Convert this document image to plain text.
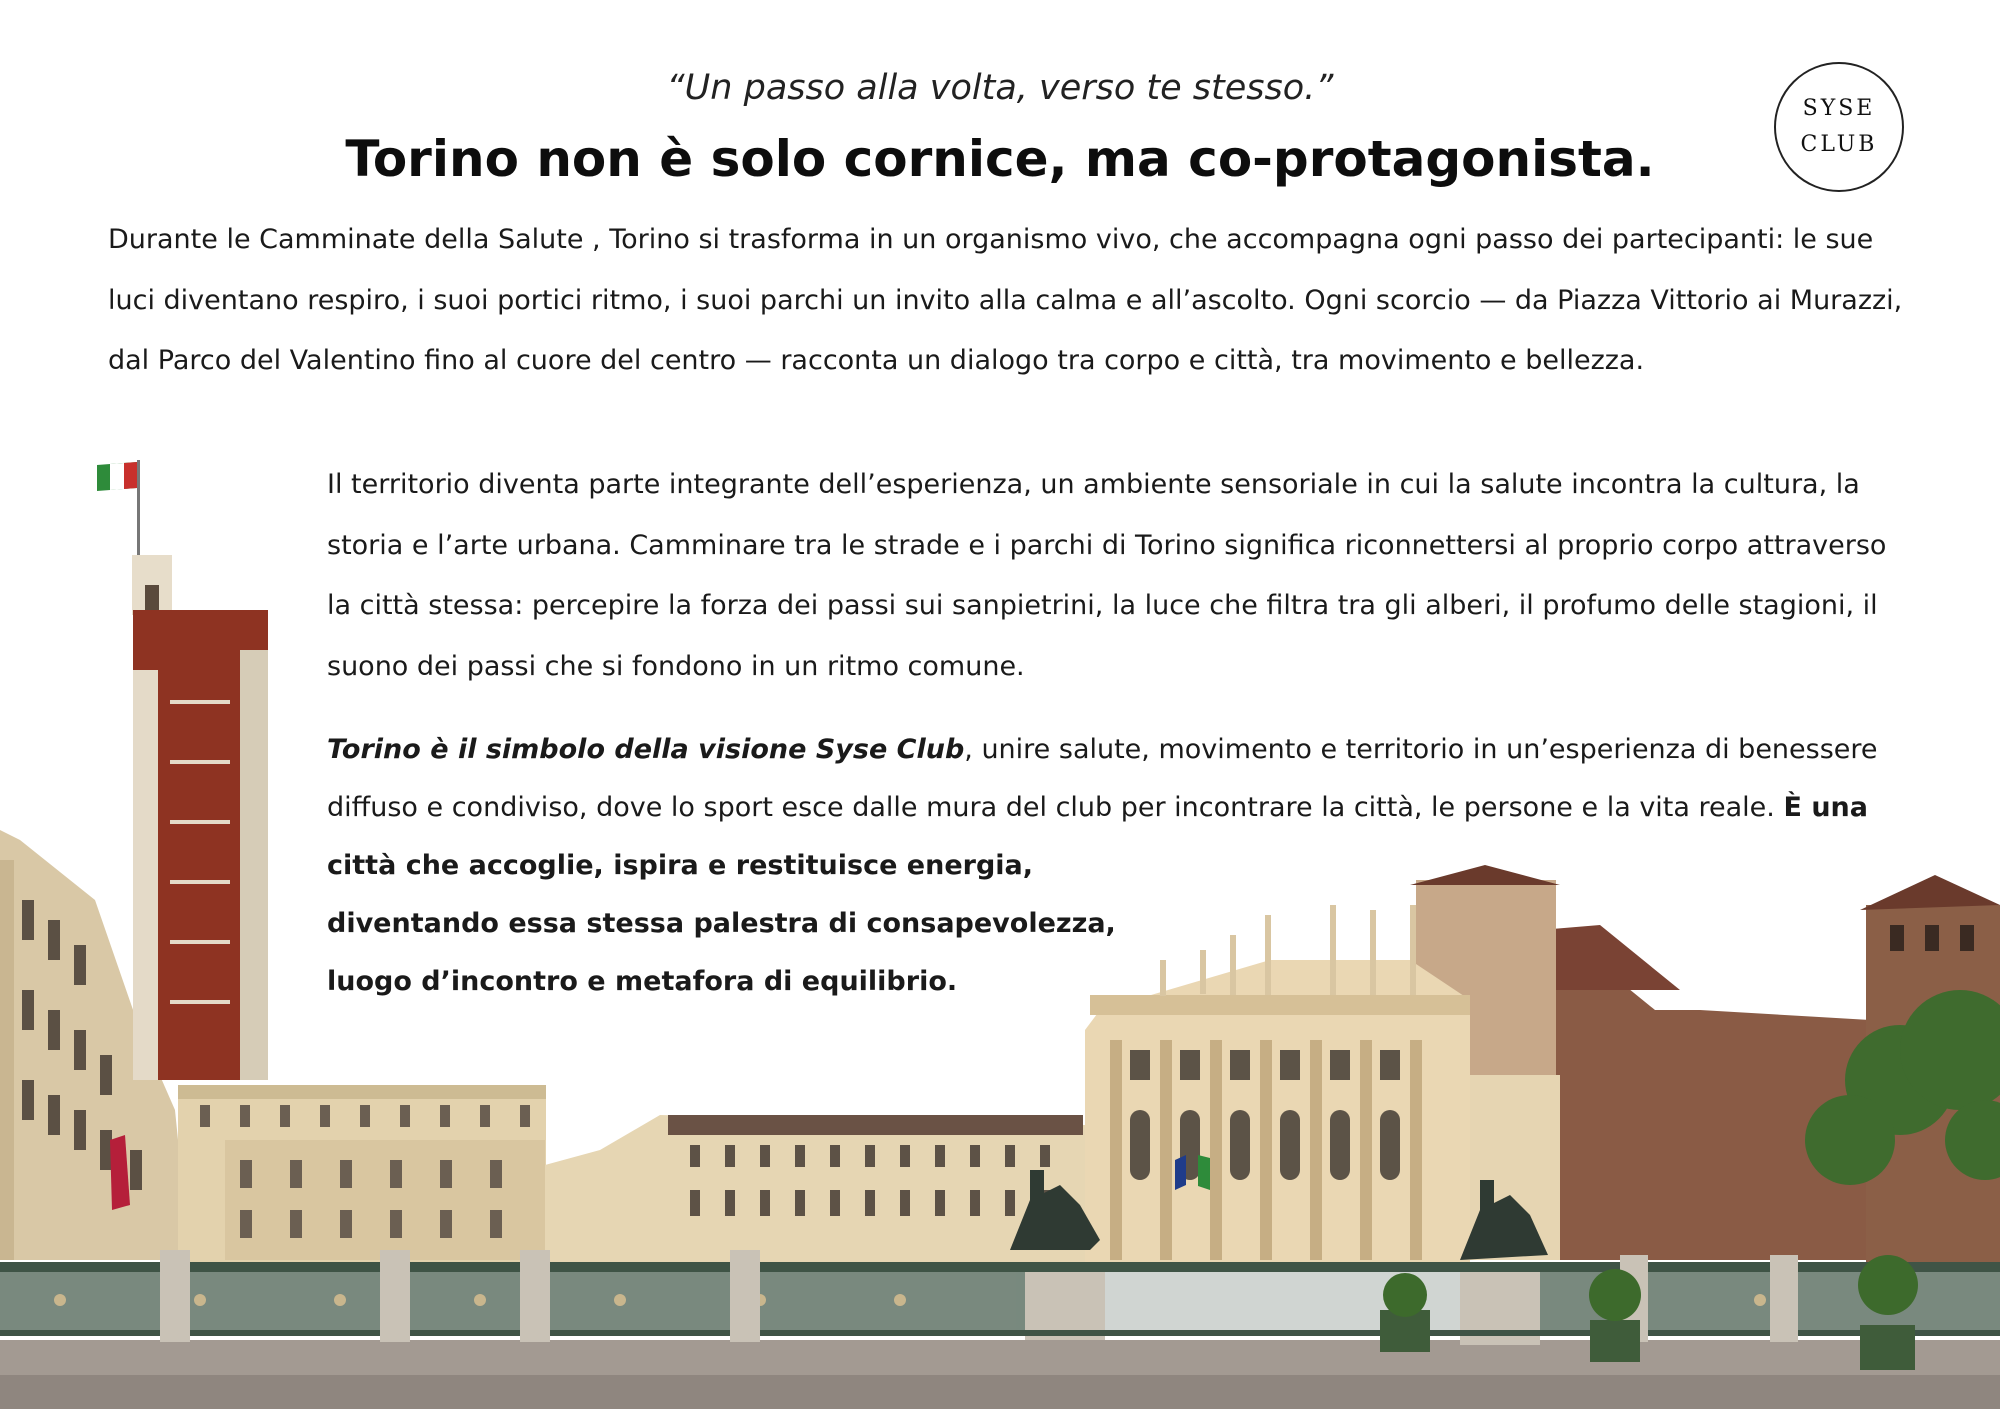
“Un passo alla volta, verso te stesso.”
Torino non è solo cornice, ma co-protagonista.
SYSE
CLUB

Durante le Camminate della Salute , Torino si trasforma in un organismo vivo, che accompagna ogni passo dei partecipanti: le sue luci diventano respiro, i suoi portici ritmo, i suoi parchi un invito alla calma e all’ascolto. Ogni scorcio — da Piazza Vittorio ai Murazzi, dal Parco del Valentino fino al cuore del centro — racconta un dialogo tra corpo e città, tra movimento e bellezza.

Il territorio diventa parte integrante dell’esperienza, un ambiente sensoriale in cui la salute incontra la cultura, la storia e l’arte urbana. Camminare tra le strade e i parchi di Torino significa riconnettersi al proprio corpo attraverso la città stessa: percepire la forza dei passi sui sanpietrini, la luce che filtra tra gli alberi, il profumo delle stagioni, il suono dei passi che si fondono in un ritmo comune.

Torino è il simbolo della visione Syse Club, unire salute, movimento e territorio in un’esperienza di benessere diffuso e condiviso, dove lo sport esce dalle mura del club per incontrare la città, le persone e la vita reale. È una città che accoglie, ispira e restituisce energia,
diventando essa stessa palestra di consapevolezza,
luogo d’incontro e metafora di equilibrio.
